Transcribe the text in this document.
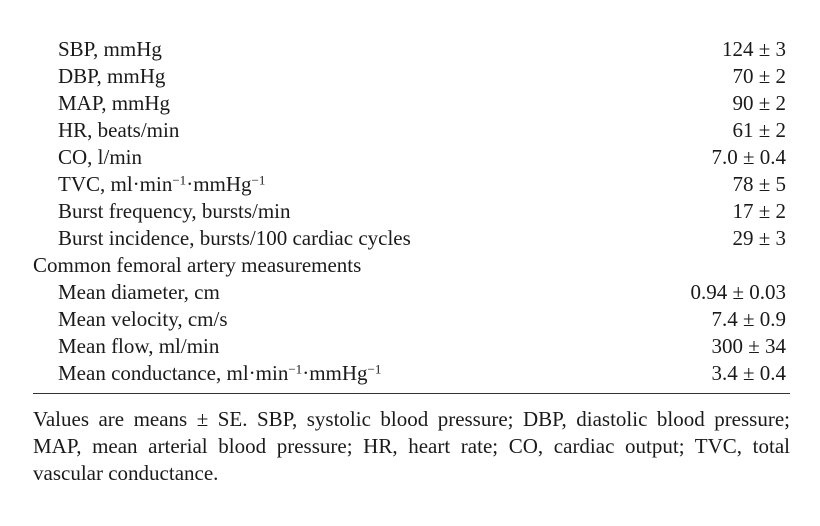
SBP, mmHg	124 ± 3
DBP, mmHg	70 ± 2
MAP, mmHg	90 ± 2
HR, beats/min	61 ± 2
CO, l/min	7.0 ± 0.4
TVC, $ml\cdot\min^{-1}\cdot mmHg^{-1}$	78 ± 5
Burst frequency, bursts/min	17 ± 2
Burst incidence, bursts/100 cardiac cycles	29 ± 3
Common femoral artery measurements
Mean diameter, cm	0.94 ± 0.03
Mean velocity, cm/s	7.4 ± 0.9
Mean flow, ml/min	300 ± 34
Mean conductance, $ml\cdot\min^{-1}\cdot mmHg^{-1}$	3.4 ± 0.4
Values are means ± SE. SBP, systolic blood pressure; DBP, diastolic blood pressure; MAP, mean arterial blood pressure; HR, heart rate; CO, cardiac output; TVC, total vascular conductance.
